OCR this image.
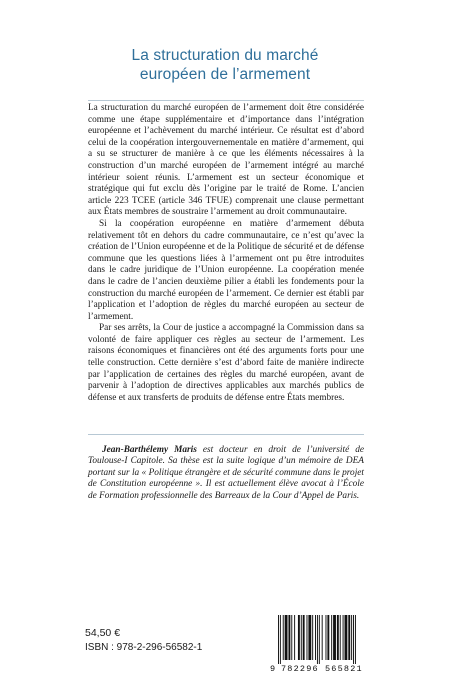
La structuration du marché
européen de l’armement

La structuration du marché européen de l’armement doit être considérée comme une étape supplémentaire et d’importance dans l’intégration européenne et l’achèvement du marché intérieur. Ce résultat est d’abord celui de la coopération intergouvernementale en matière d’armement, qui a su se structurer de manière à ce que les éléments nécessaires à la construction d’un marché européen de l’armement intégré au marché intérieur soient réunis. L’armement est un secteur économique et stratégique qui fut exclu dès l’origine par le traité de Rome. L’ancien article 223 TCEE (article 346 TFUE) comprenait une clause permettant aux États membres de soustraire l’armement au droit communautaire.

Si la coopération européenne en matière d’armement débuta relativement tôt en dehors du cadre communautaire, ce n’est qu’avec la création de l’Union européenne et de la Politique de sécurité et de défense commune que les questions liées à l’armement ont pu être introduites dans le cadre juridique de l’Union européenne. La coopération menée dans le cadre de l’ancien deuxième pilier a établi les fondements pour la construction du marché européen de l’armement. Ce dernier est établi par l’application et l’adoption de règles du marché européen au secteur de l’armement.

Par ses arrêts, la Cour de justice a accompagné la Commission dans sa volonté de faire appliquer ces règles au secteur de l’armement. Les raisons économiques et financières ont été des arguments forts pour une telle construction. Cette dernière s’est d’abord faite de manière indirecte par l’application de certaines des règles du marché européen, avant de parvenir à l’adoption de directives applicables aux marchés publics de défense et aux transferts de produits de défense entre États membres.

Jean-Barthélemy Maris est docteur en droit de l’université de Toulouse-I Capitole. Sa thèse est la suite logique d’un mémoire de DEA portant sur la « Politique étrangère et de sécurité commune dans le projet de Constitution européenne ». Il est actuellement élève avocat à l’École de Formation professionnelle des Barreaux de la Cour d’Appel de Paris.
54,50 €
ISBN : 978-2-296-56582-1
9 782296 565821
